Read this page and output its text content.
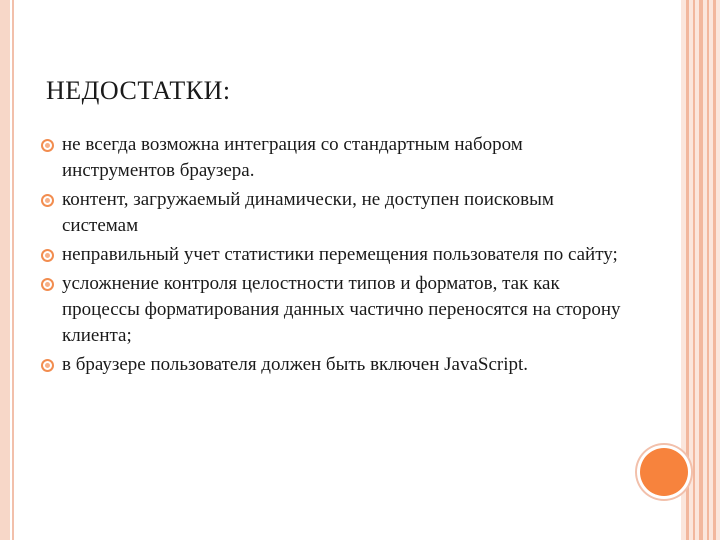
НЕДОСТАТКИ:
не всегда возможна интеграция со стандартным набором инструментов браузера.
контент, загружаемый динамически, не доступен поисковым системам
неправильный учет статистики перемещения пользователя по сайту;
усложнение контроля целостности типов и форматов, так как процессы форматирования данных частично переносятся на сторону клиента;
в браузере пользователя должен быть включен JavaScript.
